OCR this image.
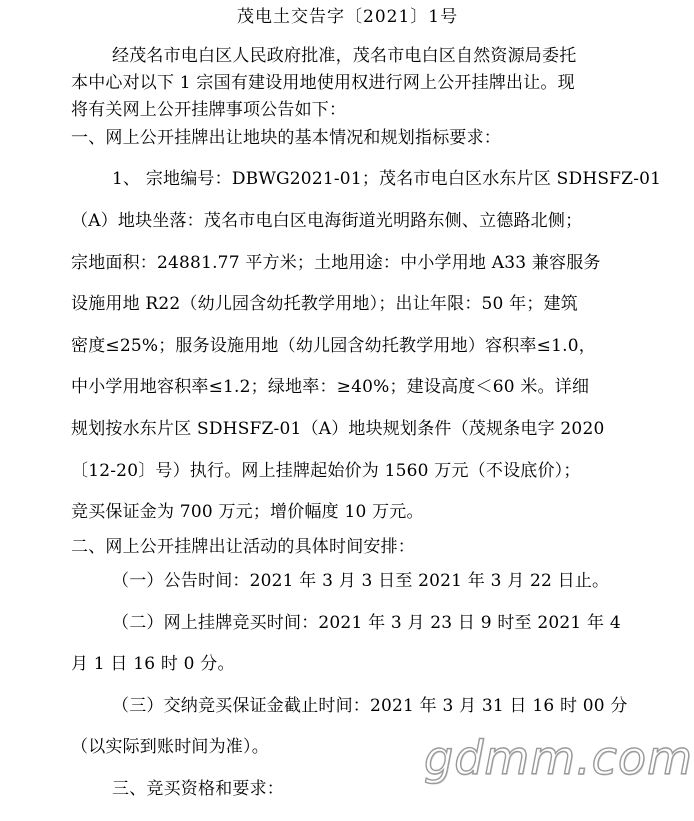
茂电土交告字〔2021〕1号
经茂名市电白区人民政府批准，茂名市电白区自然资源局委托
本中心对以下 1 宗国有建设用地使用权进行网上公开挂牌出让。现
将有关网上公开挂牌事项公告如下：
一、网上公开挂牌出让地块的基本情况和规划指标要求：
1、 宗地编号：DBWG2021-01；茂名市电白区水东片区 SDHSFZ-01
（A）地块坐落：茂名市电白区电海街道光明路东侧、立德路北侧；
宗地面积：24881.77 平方米；土地用途：中小学用地 A33 兼容服务
设施用地 R22（幼儿园含幼托教学用地）；出让年限：50 年；建筑
密度≤25%；服务设施用地（幼儿园含幼托教学用地）容积率≤1.0，
中小学用地容积率≤1.2；绿地率：≥40%；建设高度＜60 米。详细
规划按水东片区 SDHSFZ-01（A）地块规划条件（茂规条电字 2020
〔12-20〕号）执行。网上挂牌起始价为 1560 万元（不设底价）；
竞买保证金为 700 万元；增价幅度 10 万元。
二、网上公开挂牌出让活动的具体时间安排：
（一）公告时间：2021 年 3 月 3 日至 2021 年 3 月 22 日止。
（二）网上挂牌竞买时间：2021 年 3 月 23 日 9 时至 2021 年 4
月 1 日 16 时 0 分。
（三）交纳竞买保证金截止时间：2021 年 3 月 31 日 16 时 00 分
（以实际到账时间为准）。
三、竞买资格和要求：
gdmm.com
